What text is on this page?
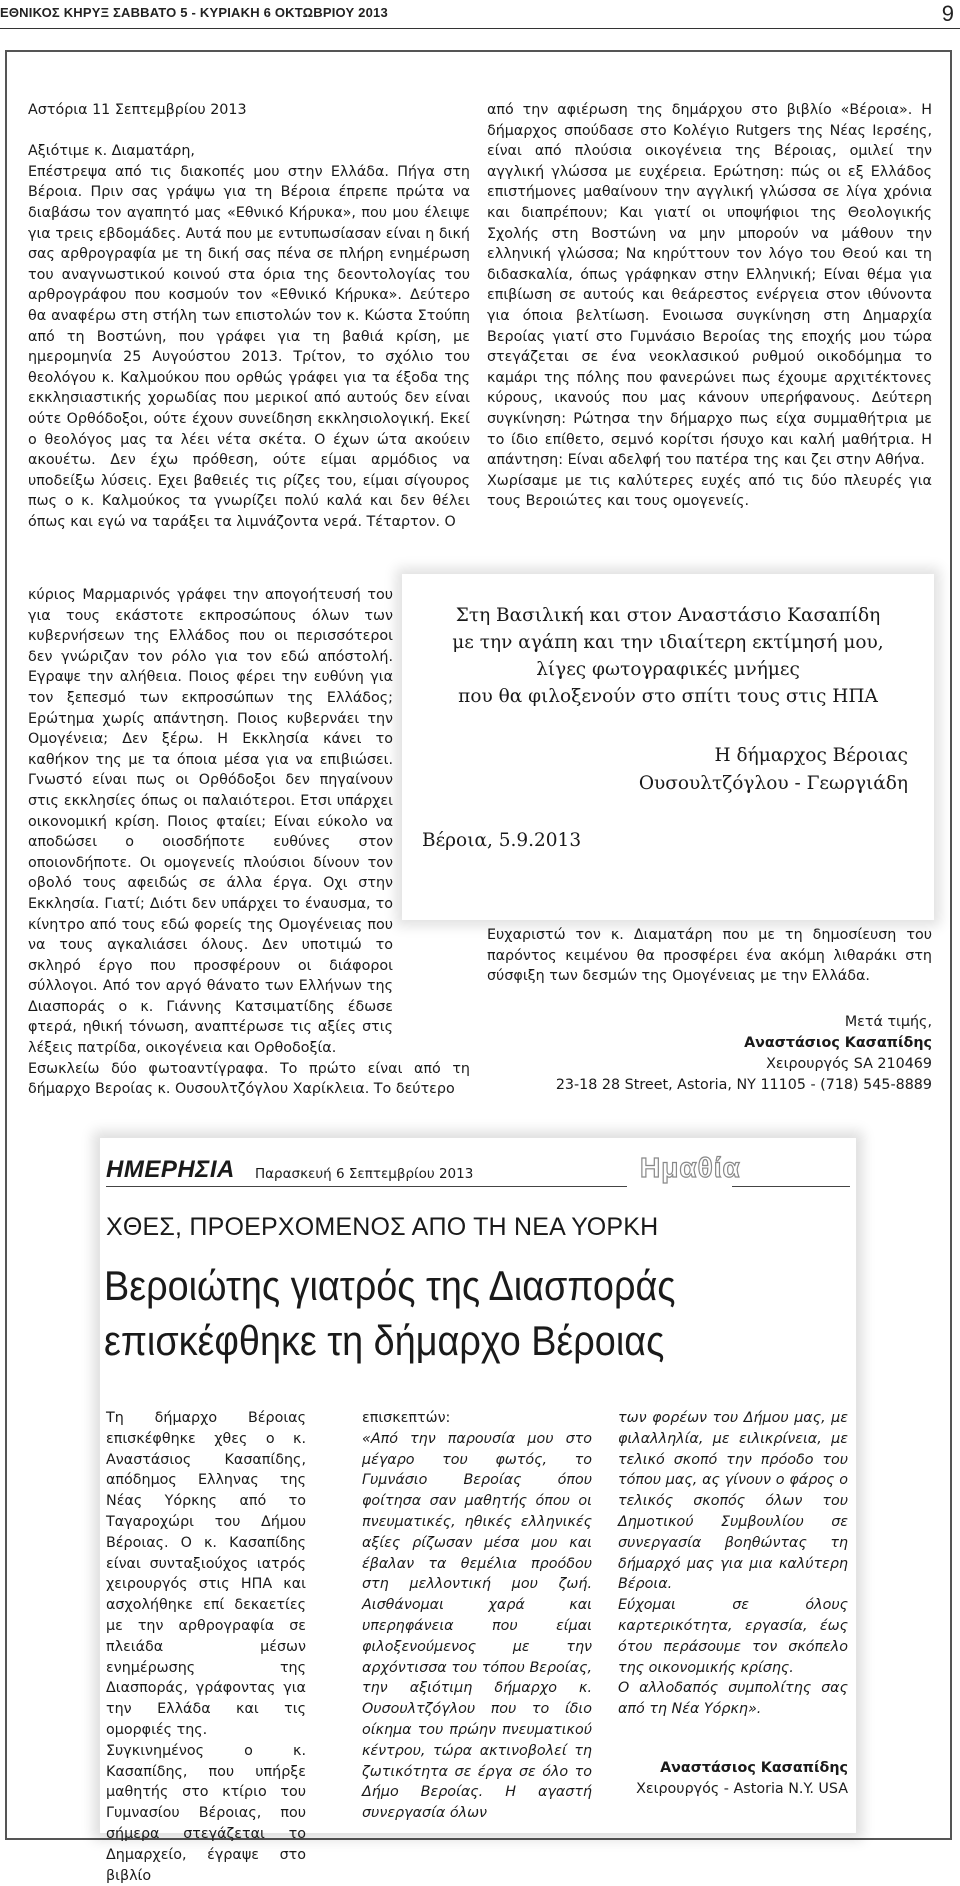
ΕΘΝΙΚΟΣ ΚΗΡΥΞ ΣΑΒΒΑΤΟ 5 - ΚΥΡΙΑΚΗ 6 ΟΚΤΩΒΡΙΟΥ 2013	9

Αστόρια 11 Σεπτεμβρίου 2013

Αξιότιμε κ. Διαματάρη,

Επέστρεψα από τις διακοπές μου στην Ελλάδα. Πήγα στη Βέροια. Πριν σας γράψω για τη Βέροια έπρεπε πρώτα να διαβάσω τον αγαπητό μας «Εθνικό Κήρυκα», που μου έλειψε για τρεις εβδομάδες. Αυτά που με εντυπωσίασαν είναι η δική σας αρθρογραφία με τη δική σας πένα σε πλήρη ενημέρωση του αναγνωστικού κοινού στα όρια της δεοντολογίας του αρθρογράφου που κοσμούν τον «Εθνικό Κήρυκα». Δεύτερο θα αναφέρω στη στήλη των επιστολών τον κ. Κώστα Στούπη από τη Βοστώνη, που γράφει για τη βαθιά κρίση, με ημερομηνία 25 Αυγούστου 2013. Τρίτον, το σχόλιο του θεολόγου κ. Καλμούκου που ορθώς γράφει για τα έξοδα της εκκλησιαστικής χορωδίας που μερικοί από αυτούς δεν είναι ούτε Ορθόδοξοι, ούτε έχουν συνείδηση εκκλησιολογική. Εκεί ο θεολόγος μας τα λέει νέτα σκέτα. Ο έχων ώτα ακούειν ακουέτω. Δεν έχω πρόθεση, ούτε είμαι αρμόδιος να υποδείξω λύσεις. Εχει βαθειές τις ρίζες του, είμαι σίγουρος πως ο κ. Καλμούκος τα γνωρίζει πολύ καλά και δεν θέλει όπως και εγώ να ταράξει τα λιμνάζοντα νερά. Τέταρτον. Ο

κύριος Μαρμαρινός γράφει την απογοήτευσή του για τους εκάστοτε εκπροσώπους όλων των κυβερνήσεων της Ελλάδος που οι περισσότεροι δεν γνώριζαν τον ρόλο για τον εδώ απόστολή. Εγραψε την αλήθεια. Ποιος φέρει την ευθύνη για τον ξεπεσμό των εκπροσώπων της Ελλάδος; Ερώτημα χωρίς απάντηση. Ποιος κυβερνάει την Ομογένεια; Δεν ξέρω. Η Εκκλησία κάνει το καθήκον της με τα όποια μέσα για να επιβιώσει. Γνωστό είναι πως οι Ορθόδοξοι δεν πηγαίνουν στις εκκλησίες όπως οι παλαιότεροι. Ετσι υπάρχει οικονομική κρίση. Ποιος φταίει; Είναι εύκολο να αποδώσει ο οιοσδήποτε ευθύνες στον οποιονδήποτε. Οι ομογενείς πλούσιοι δίνουν τον οβολό τους αφειδώς σε άλλα έργα. Οχι στην Εκκλησία. Γιατί; Διότι δεν υπάρχει το έναυσμα, το κίνητρο από τους εδώ φορείς της Ομογένειας που να τους αγκαλιάσει όλους. Δεν υποτιμώ το σκληρό έργο που προσφέρουν οι διάφοροι σύλλογοι. Από τον αργό θάνατο των Ελλήνων της Διασποράς ο κ. Γιάννης Κατσιματίδης έδωσε φτερά, ηθική τόνωση, αναπτέρωσε τις αξίες στις λέξεις πατρίδα, οικογένεια και Ορθοδοξία.

Εσωκλείω δύο φωτοαντίγραφα. Το πρώτο είναι από τη δήμαρχο Βεροίας κ. Ουσουλτζόγλου Χαρίκλεια. Το δεύτερο

από την αφιέρωση της δημάρχου στο βιβλίο «Βέροια». Η δήμαρχος σπούδασε στο Κολέγιο Rutgers της Νέας Ιερσέης, είναι από πλούσια οικογένεια της Βέροιας, ομιλεί την αγγλική γλώσσα με ευχέρεια. Ερώτηση: πώς οι εξ Ελλάδος επιστήμονες μαθαίνουν την αγγλική γλώσσα σε λίγα χρόνια και διαπρέπουν; Και γιατί οι υποψήφιοι της Θεολογικής Σχολής στη Βοστώνη να μην μπορούν να μάθουν την ελληνική γλώσσα; Να κηρύττουν τον λόγο του Θεού και τη διδασκαλία, όπως γράφηκαν στην Ελληνική; Είναι θέμα για επιβίωση σε αυτούς και θεάρεστος ενέργεια στον ιθύνοντα για όποια βελτίωση. Ενοιωσα συγκίνηση στη Δημαρχία Βεροίας γιατί στο Γυμνάσιο Βεροίας της εποχής μου τώρα στεγάζεται σε ένα νεοκλασικού ρυθμού οικοδόμημα το καμάρι της πόλης που φανερώνει πως έχουμε αρχιτέκτονες κύρους, ικανούς που μας κάνουν υπερήφανους. Δεύτερη συγκίνηση: Ρώτησα την δήμαρχο πως είχα συμμαθήτρια με το ίδιο επίθετο, σεμνό κορίτσι ήσυχο και καλή μαθήτρια. Η απάντηση: Είναι αδελφή του πατέρα της και ζει στην Αθήνα.

Χωρίσαμε με τις καλύτερες ευχές από τις δύο πλευρές για τους Βεροιώτες και τους ομογενείς.

Στη Βασιλική και στον Αναστάσιο Κασαπίδη
με την αγάπη και την ιδιαίτερη εκτίμησή μου,
λίγες φωτογραφικές μνήμες
που θα φιλοξενούν στο σπίτι τους στις ΗΠΑ
Η δήμαρχος Βέροιας
Ουσουλτζόγλου - Γεωργιάδη
Βέροια, 5.9.2013

Ευχαριστώ τον κ. Διαματάρη που με τη δημοσίευση του παρόντος κειμένου θα προσφέρει ένα ακόμη λιθαράκι στη σύσφιξη των δεσμών της Ομογένειας με την Ελλάδα.

Μετά τιμής,
Αναστάσιος Κασαπίδης
Χειρουργός SA 210469
23-18 28 Street, Astoria, NY 11105 - (718) 545-8889
ΗΜΕΡΗΣΙΑ Παρασκευή 6 Σεπτεμβρίου 2013	Ημαθία
ΧΘΕΣ, ΠΡΟΕΡΧΟΜΕΝΟΣ ΑΠΟ ΤΗ ΝΕΑ ΥΟΡΚΗ
Βεροιώτης γιατρός της Διασποράς
επισκέφθηκε τη δήμαρχο Βέροιας

Τη δήμαρχο Βέροιας επισκέφθηκε χθες ο κ. Αναστάσιος Κασαπίδης, απόδημος Ελληνας της Νέας Υόρκης από το Ταγαροχώρι του Δήμου Βέροιας. Ο κ. Κασαπίδης είναι συνταξιούχος ιατρός χειρουργός στις ΗΠΑ και ασχολήθηκε επί δεκαετίες με την αρθρογραφία σε πλειάδα μέσων ενημέρωσης της Διασποράς, γράφοντας για την Ελλάδα και τις ομορφιές της.

Συγκινημένος ο κ. Κασαπίδης, που υπήρξε μαθητής στο κτίριο του Γυμνασίου Βέροιας, που σήμερα στεγάζεται το Δημαρχείο, έγραψε στο βιβλίο

επισκεπτών:

«Από την παρουσία μου στο μέγαρο του φωτός, το Γυμνάσιο Βεροίας όπου φοίτησα σαν μαθητής όπου οι πνευματικές, ηθικές ελληνικές αξίες ρίζωσαν μέσα μου και έβαλαν τα θεμέλια προόδου στη μελλοντική μου ζωή. Αισθάνομαι χαρά και υπερηφάνεια που είμαι φιλοξενούμενος με την αρχόντισσα του τόπου Βεροίας, την αξιότιμη δήμαρχο κ. Ουσουλτζόγλου που το ίδιο οίκημα του πρώην πνευματικού κέντρου, τώρα ακτινοβολεί τη ζωτικότητα σε έργα σε όλο το Δήμο Βεροίας. Η αγαστή συνεργασία όλων

των φορέων του Δήμου μας, με φιλαλληλία, με ειλικρίνεια, με τελικό σκοπό την πρόοδο του τόπου μας, ας γίνουν ο φάρος ο τελικός σκοπός όλων του Δημοτικού Συμβουλίου σε συνεργασία βοηθώντας τη δήμαρχό μας για μια καλύτερη Βέροια.

Εύχομαι σε όλους καρτερικότητα, εργασία, έως ότου περάσουμε τον σκόπελο της οικονομικής κρίσης.

Ο αλλοδαπός συμπολίτης σας από τη Νέα Υόρκη».

Αναστάσιος Κασαπίδης
Χειρουργός - Astoria N.Y. USA
